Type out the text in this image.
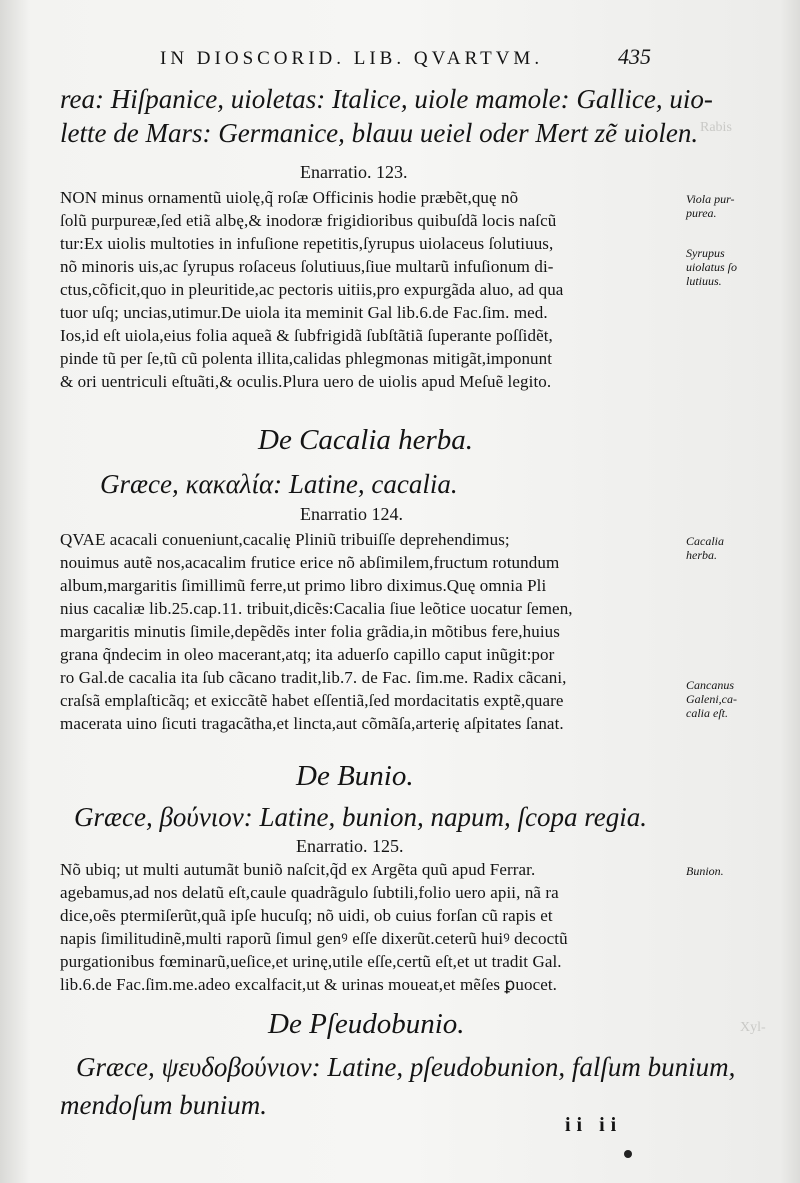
Rabis
Xyl-
IN DIOSCORID. LIB. QVARTVM.	435
rea: Hiſpanice, uioletas: Italice, uiole mamole: Gallice, uio-
lette de Mars: Germanice, blauu ueiel oder Mert zẽ uiolen.
Enarratio. 123.

NON minus ornamentũ uiolę,q̃ roſæ Officinis hodie præbẽt,quę nõ

ſolũ purpureæ,ſed etiã albę,& inodoræ frigidioribus quibuſdã locis naſcũ

tur:Ex uiolis multoties in infuſione repetitis,ſyrupus uiolaceus ſolutiuus,

nõ minoris uis,ac ſyrupus roſaceus ſolutiuus,ſiue multarũ infuſionum di-

ctus,cõficit,quo in pleuritide,ac pectoris uitiis,pro expurgãda aluo, ad qua

tuor uſq; uncias,utimur.De uiola ita meminit Gal lib.6.de Fac.ſim. med.

Ios,id eſt uiola,eius folia aqueã & ſubfrigidã ſubſtãtiã ſuperante poſſidẽt,

pinde tũ per ſe,tũ cũ polenta illita,calidas phlegmonas mitigãt,imponunt

& ori uentriculi eſtuãti,& oculis.Plura uero de uiolis apud Meſuẽ legito.

De Cacalia herba.
Græce, κακαλία: Latine, cacalia.
Enarratio 124.

QVAE acacali conueniunt,cacalię Pliniũ tribuiſſe deprehendimus;

nouimus autẽ nos,acacalim frutice erice nõ abſimilem,fructum rotundum

album,margaritis ſimillimũ ferre,ut primo libro diximus.Quę omnia Pli

nius cacaliæ lib.25.cap.11. tribuit,dicẽs:Cacalia ſiue leõtice uocatur ſemen,

margaritis minutis ſimile,depẽdẽs inter folia grãdia,in mõtibus fere,huius

grana q̃ndecim in oleo macerant,atq; ita aduerſo capillo caput inũgit:por

ro Gal.de cacalia ita ſub cãcano tradit,lib.7. de Fac. ſim.me. Radix cãcani,

craſsã emplaſticãq; et exiccãtẽ habet eſſentiã,ſed mordacitatis exptẽ,quare

macerata uino ſicuti tragacãtha,et lincta,aut cõmãſa,arterię aſpitates ſanat.

De Bunio.
Græce, βούνιον: Latine, bunion, napum, ſcopa regia.
Enarratio. 125.

Nõ ubiq; ut multi autumãt buniõ naſcit,q̃d ex Argẽta quũ apud Ferrar.

agebamus,ad nos delatũ eſt,caule quadrãgulo ſubtili,folio uero apii, nã ra

dice,oẽs ptermiſerũt,quã ipſe hucuſq; nõ uidi, ob cuius forſan cũ rapis et

napis ſimilitudinẽ,multi raporũ ſimul genꝰ eſſe dixerũt.ceterũ huiꝰ decoctũ

purgationibus fœminarũ,ueſice,et urinę,utile eſſe,certũ eſt,et ut tradit Gal.

lib.6.de Fac.ſim.me.adeo excalfacit,ut & urinas moueat,et mẽſes ꝑuocet.

De Pſeudobunio.
Græce, ψευδοβούνιον: Latine, pſeudobunion, falſum bunium,
mendoſum bunium.
Viola pur- purea.
Syrupus uiolatus ſo lutiuus.
Cacalia herba.
Cancanus Galeni,ca- calia eſt.
Bunion.
ii ii
